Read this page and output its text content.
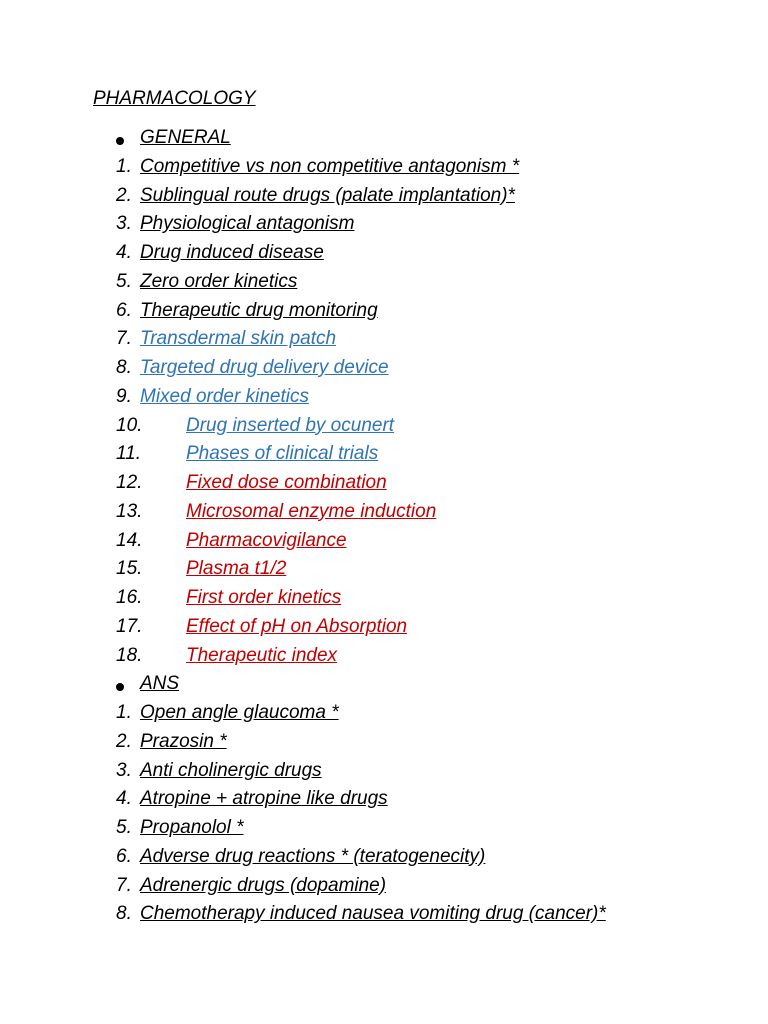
PHARMACOLOGY
GENERAL
1. Competitive vs non competitive antagonism *
2. Sublingual route drugs (palate implantation)*
3. Physiological antagonism
4. Drug induced disease
5. Zero order kinetics
6. Therapeutic drug monitoring
7. Transdermal skin patch
8. Targeted drug delivery device
9. Mixed order kinetics
10. Drug inserted by ocunert
11. Phases of clinical trials
12. Fixed dose combination
13. Microsomal enzyme induction
14. Pharmacovigilance
15. Plasma t1/2
16. First order kinetics
17. Effect of pH on Absorption
18. Therapeutic index
ANS
1. Open angle glaucoma *
2. Prazosin *
3. Anti cholinergic drugs
4. Atropine + atropine like drugs
5. Propanolol *
6. Adverse drug reactions * (teratogenecity)
7. Adrenergic drugs (dopamine)
8. Chemotherapy induced nausea vomiting drug (cancer)*
